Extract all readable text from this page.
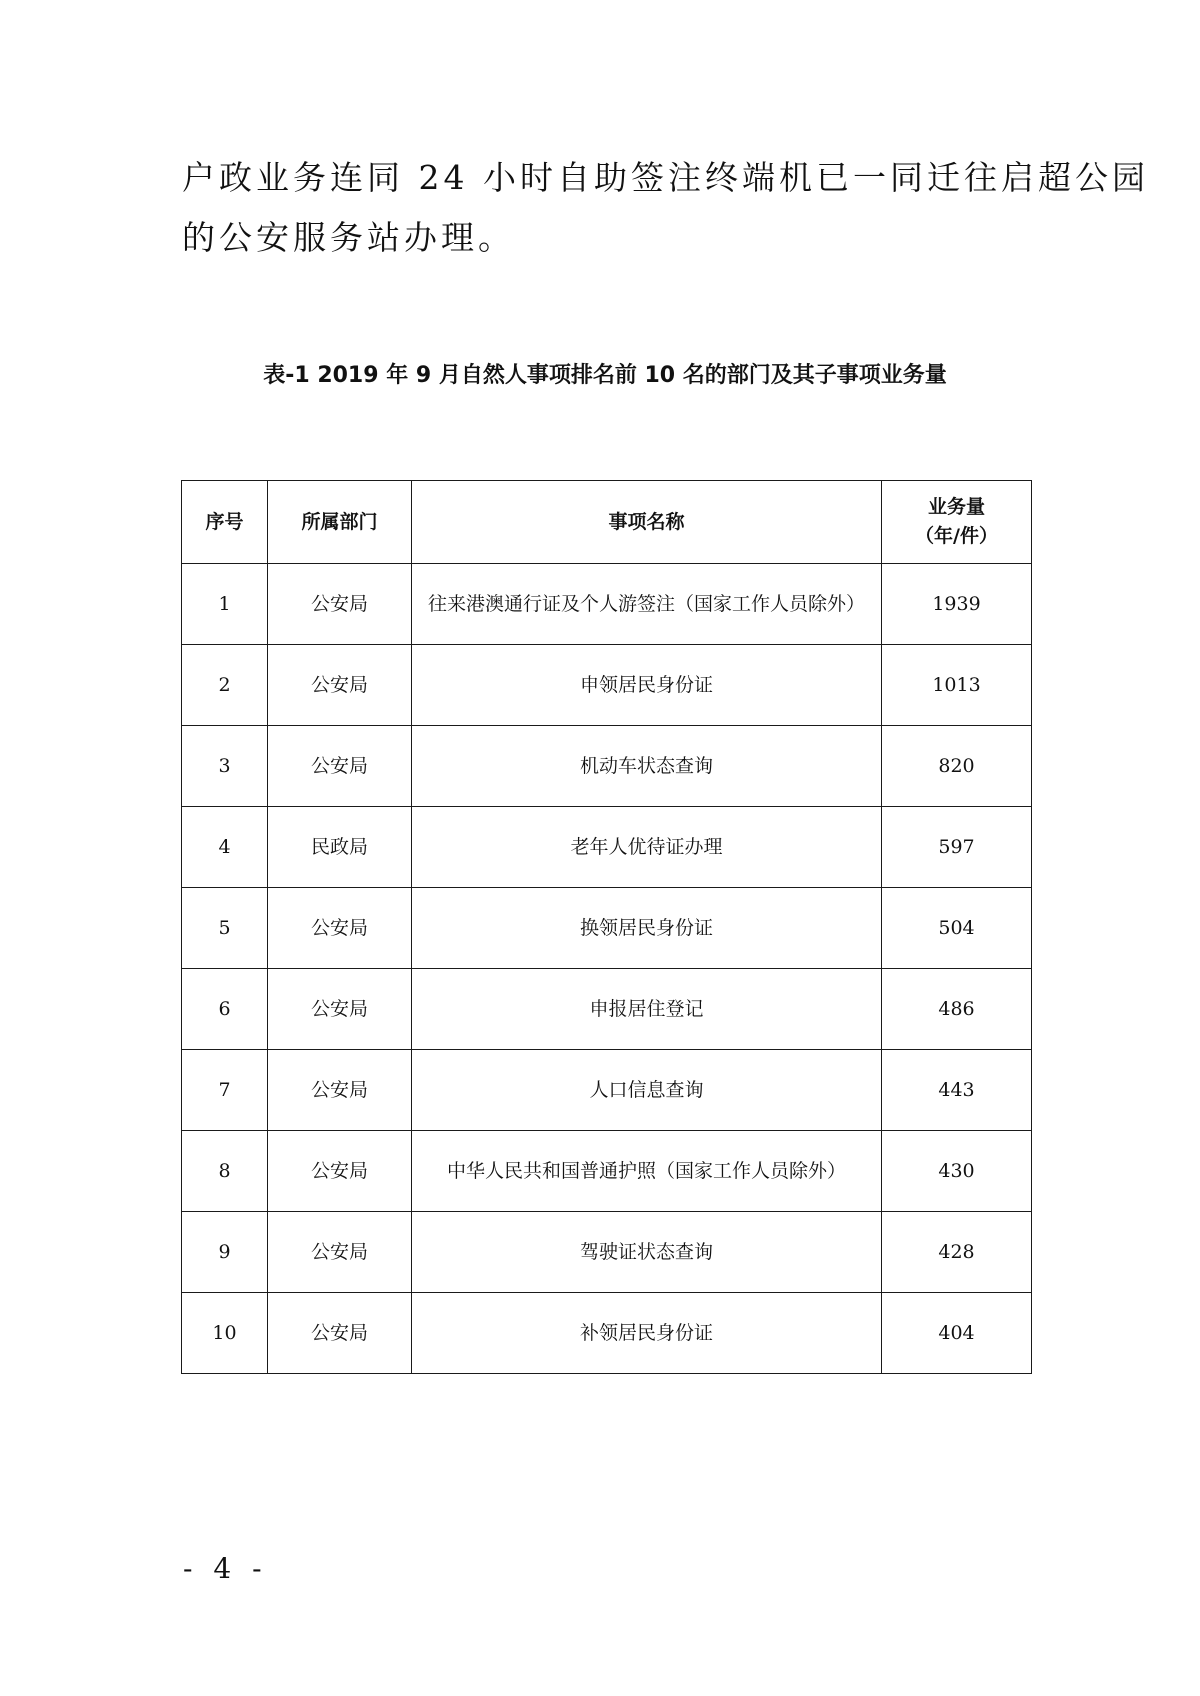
户政业务连同 24 小时自助签注终端机已一同迁往启超公园
的公安服务站办理。

表-1 2019 年 9 月自然人事项排名前 10 名的部门及其子事项业务量

序号	所属部门	事项名称	业务量
（年/件）

1	公安局	往来港澳通行证及个人游签注（国家工作人员除外）	1939
2	公安局	申领居民身份证	1013
3	公安局	机动车状态查询	820
4	民政局	老年人优待证办理	597
5	公安局	换领居民身份证	504
6	公安局	申报居住登记	486
7	公安局	人口信息查询	443
8	公安局	中华人民共和国普通护照（国家工作人员除外）	430
9	公安局	驾驶证状态查询	428
10	公安局	补领居民身份证	404

- 4 -
